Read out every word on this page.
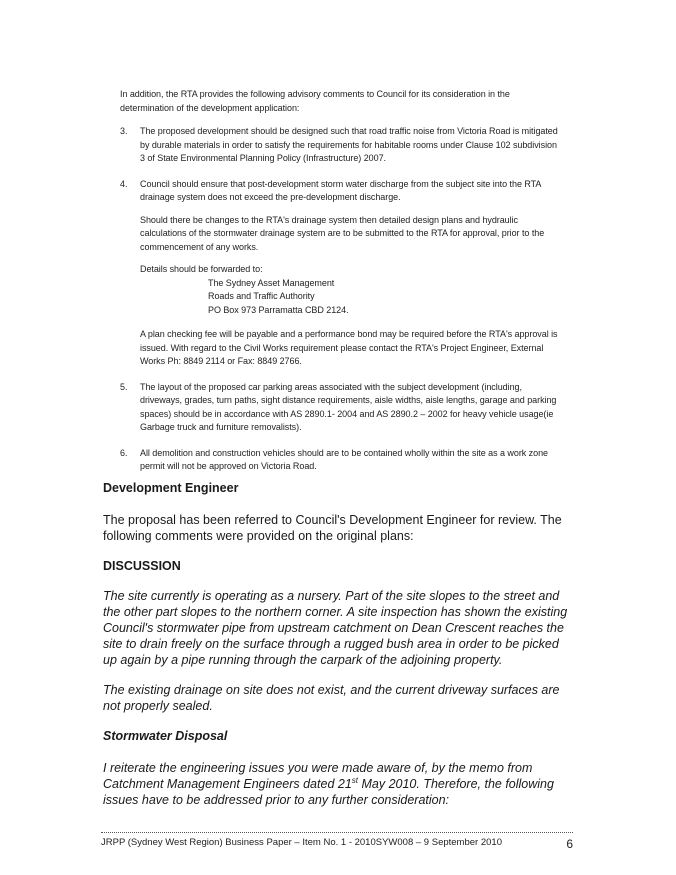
In addition, the RTA provides the following advisory comments to Council for its consideration in the determination of the development application:

3. The proposed development should be designed such that road traffic noise from Victoria Road is mitigated by durable materials in order to satisfy the requirements for habitable rooms under Clause 102 subdivision 3 of State Environmental Planning Policy (Infrastructure) 2007.

4. Council should ensure that post-development storm water discharge from the subject site into the RTA drainage system does not exceed the pre-development discharge.

Should there be changes to the RTA's drainage system then detailed design plans and hydraulic calculations of the stormwater drainage system are to be submitted to the RTA for approval, prior to the commencement of any works.

Details should be forwarded to:

The Sydney Asset Management
Roads and Traffic Authority
PO Box 973 Parramatta CBD 2124.

A plan checking fee will be payable and a performance bond may be required before the RTA's approval is issued. With regard to the Civil Works requirement please contact the RTA's Project Engineer, External Works Ph: 8849 2114 or Fax: 8849 2766.

5. The layout of the proposed car parking areas associated with the subject development (including, driveways, grades, turn paths, sight distance requirements, aisle widths, aisle lengths, garage and parking spaces) should be in accordance with AS 2890.1- 2004 and AS 2890.2 – 2002 for heavy vehicle usage(ie Garbage truck and furniture removalists).

6. All demolition and construction vehicles should are to be contained wholly within the site as a work zone permit will not be approved on Victoria Road.

Development Engineer

The proposal has been referred to Council's Development Engineer for review. The following comments were provided on the original plans:

DISCUSSION

The site currently is operating as a nursery. Part of the site slopes to the street and the other part slopes to the northern corner. A site inspection has shown the existing Council's stormwater pipe from upstream catchment on Dean Crescent reaches the site to drain freely on the surface through a rugged bush area in order to be picked up again by a pipe running through the carpark of the adjoining property.

The existing drainage on site does not exist, and the current driveway surfaces are not properly sealed.

Stormwater Disposal

I reiterate the engineering issues you were made aware of, by the memo from Catchment Management Engineers dated 21st May 2010. Therefore, the following issues have to be addressed prior to any further consideration:

JRPP (Sydney West Region) Business Paper – Item No. 1 - 2010SYW008 – 9 September 2010	6
